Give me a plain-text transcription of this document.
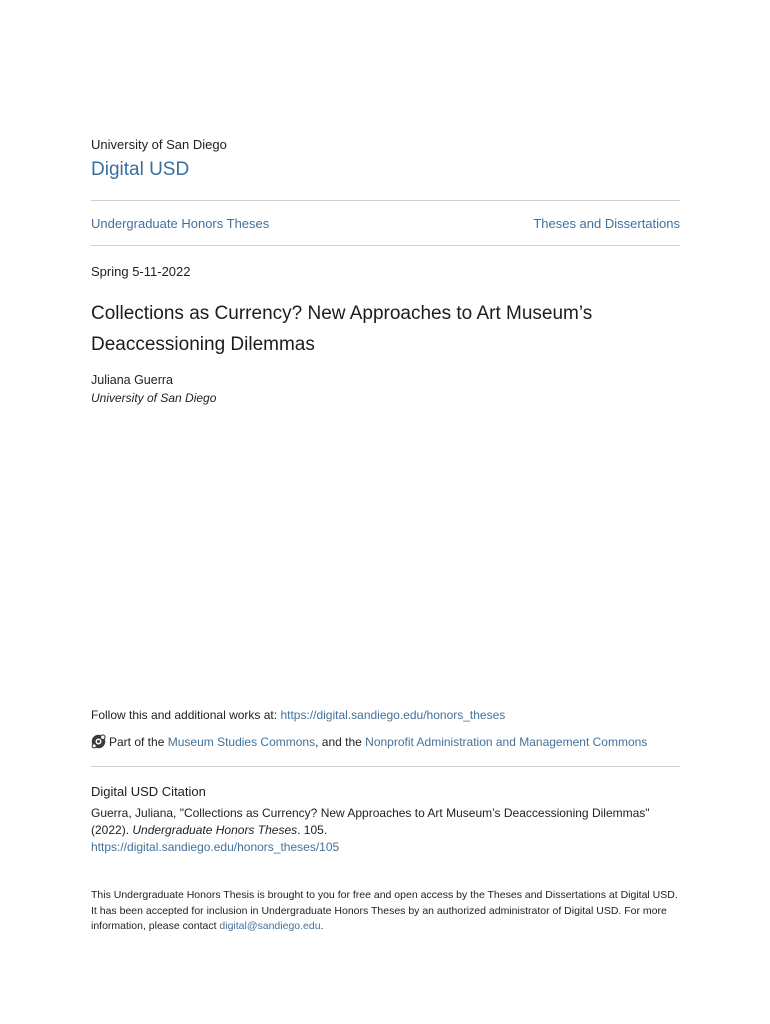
University of San Diego
Digital USD
Undergraduate Honors Theses	Theses and Dissertations
Spring 5-11-2022
Collections as Currency? New Approaches to Art Museum’s Deaccessioning Dilemmas
Juliana Guerra
University of San Diego
Follow this and additional works at: https://digital.sandiego.edu/honors_theses
Part of the
Museum Studies Commons , and the Nonprofit Administration and Management Commons
Digital USD Citation
Guerra, Juliana, "Collections as Currency? New Approaches to Art Museum’s Deaccessioning Dilemmas" (2022). Undergraduate Honors Theses. 105.
https://digital.sandiego.edu/honors_theses/105
This Undergraduate Honors Thesis is brought to you for free and open access by the Theses and Dissertations at Digital USD. It has been accepted for inclusion in Undergraduate Honors Theses by an authorized administrator of Digital USD. For more information, please contact digital@sandiego.edu.
